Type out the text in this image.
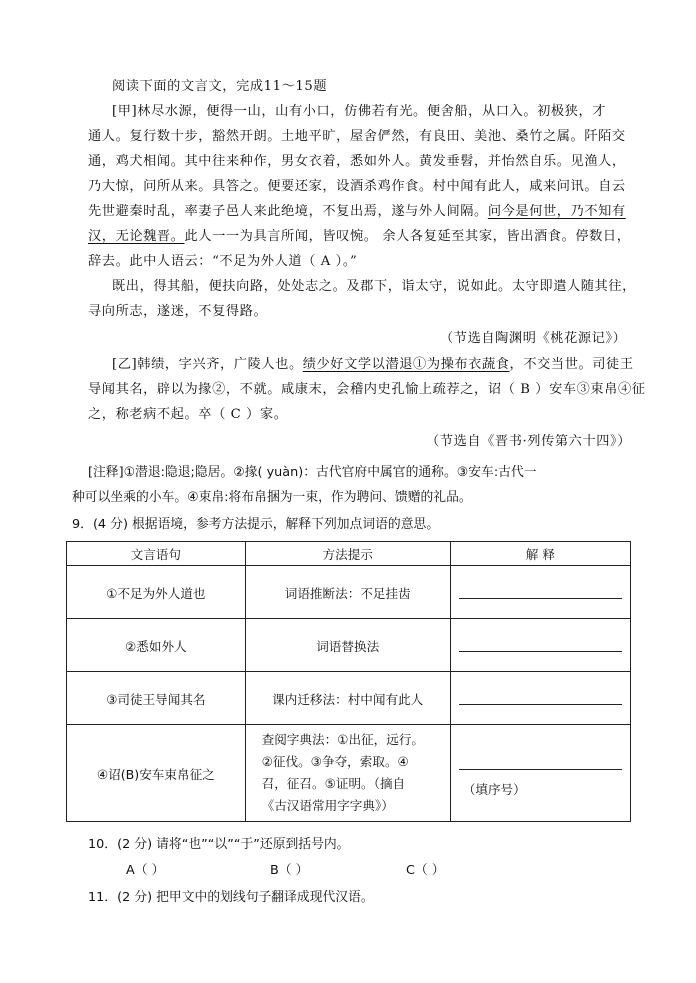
阅读下面的文言文，完成11～15题
[甲]林尽水源，便得一山，山有小口，仿佛若有光。便舍船，从口入。初极狭，才
通人。复行数十步，豁然开朗。土地平旷，屋舍俨然，有良田、美池、桑竹之属。阡陌交
通，鸡犬相闻。其中往来种作，男女衣着，悉如外人。黄发垂髫，并怡然自乐。见渔人，
乃大惊，问所从来。具答之。便要还家，设酒杀鸡作食。村中闻有此人，咸来问讯。自云
先世避秦时乱，率妻子邑人来此绝境，不复出焉，遂与外人间隔。问今是何世，乃不知有
汉，无论魏晋。此人一一为具言所闻，皆叹惋。 余人各复延至其家，皆出酒食。停数日，
辞去。此中人语云：“不足为外人道（ A ）。”
既出，得其船，便扶向路，处处志之。及郡下，诣太守，说如此。太守即遣人随其往，
寻向所志，遂迷，不复得路。
（节选自陶渊明《桃花源记》）
[乙]韩绩，字兴齐，广陵人也。绩少好文学以潜退①为操布衣蔬食，不交当世。司徒王
导闻其名，辟以为掾②，不就。咸康末，会稽内史孔愉上疏荐之，诏（ B ）安车③束帛④征
之，称老病不起。卒（ C ）家。
（节选自《晋书·列传第六十四》）
[注释]①潜退:隐退;隐居。②掾( yuàn)：古代官府中属官的通称。③安车:古代一
种可以坐乘的小车。④束帛:将布帛捆为一束，作为聘问、馈赠的礼品。
9．(4 分) 根据语境，参考方法提示，解释下列加点词语的意思。
文言语句	方法提示	解 释
①不足为外人道也	词语推断法：不足挂齿	

②悉如外人	词语替换法	

③司徒王导闻其名	课内迁移法：村中闻有此人	

④诏(B)安车束帛征之	查阅字典法：①出征，远行。
②征伐。③争夺，索取。④
召，征召。⑤证明。（摘自
《古汉语常用字字典》）	（填序号）
10．(2 分) 请将“也”“以”“于”还原到括号内。
A（ ）	B（ ）	C（ ）
11．(2 分) 把甲文中的划线句子翻译成现代汉语。
